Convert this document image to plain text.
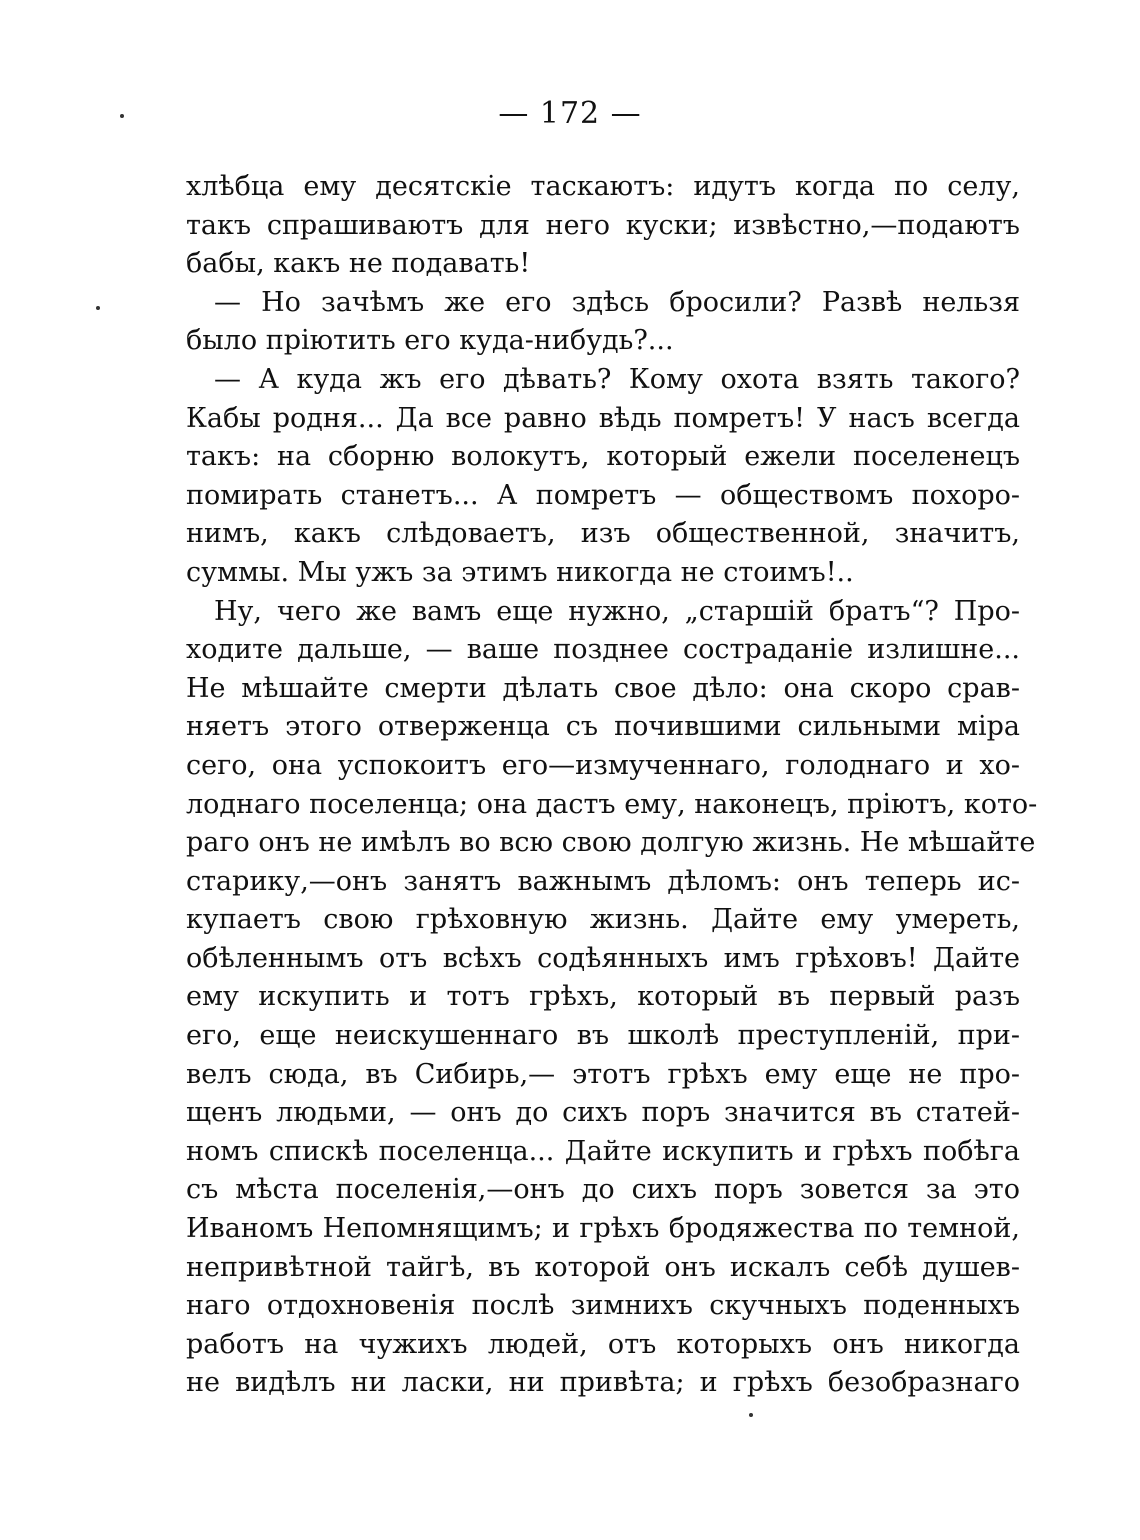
— 172 —
хлѣбца ему десятскіе таскаютъ: идутъ когда по селу,
такъ спрашиваютъ для него куски; извѣстно,—подаютъ
бабы, какъ не подавать!
— Но зачѣмъ же его здѣсь бросили? Развѣ нельзя
было пріютить его куда-нибудь?...
— А куда жъ его дѣвать? Кому охота взять такого?
Кабы родня... Да все равно вѣдь помретъ! У насъ всегда
такъ: на сборню волокутъ, который ежели поселенецъ
помирать станетъ... А помретъ — обществомъ похоро-
нимъ, какъ слѣдоваетъ, изъ общественной, значитъ,
суммы. Мы ужъ за этимъ никогда не стоимъ!..
Ну, чего же вамъ еще нужно, „старшій братъ“? Про-
ходите дальше, — ваше позднее состраданіе излишне...
Не мѣшайте смерти дѣлать свое дѣло: она скоро срав-
няетъ этого отверженца съ почившими сильными міра
сего, она успокоитъ его—измученнаго, голоднаго и хо-
лоднаго поселенца; она дастъ ему, наконецъ, пріютъ, кото-
раго онъ не имѣлъ во всю свою долгую жизнь. Не мѣшайте
старику,—онъ занятъ важнымъ дѣломъ: онъ теперь ис-
купаетъ свою грѣховную жизнь. Дайте ему умереть,
обѣленнымъ отъ всѣхъ содѣянныхъ имъ грѣховъ! Дайте
ему искупить и тотъ грѣхъ, который въ первый разъ
его, еще неискушеннаго въ школѣ преступленій, при-
велъ сюда, въ Сибирь,— этотъ грѣхъ ему еще не про-
щенъ людьми, — онъ до сихъ поръ значится въ статей-
номъ спискѣ поселенца... Дайте искупить и грѣхъ побѣга
съ мѣста поселенія,—онъ до сихъ поръ зовется за это
Иваномъ Непомнящимъ; и грѣхъ бродяжества по темной,
непривѣтной тайгѣ, въ которой онъ искалъ себѣ душев-
наго отдохновенія послѣ зимнихъ скучныхъ поденныхъ
работъ на чужихъ людей, отъ которыхъ онъ никогда
не видѣлъ ни ласки, ни привѣта; и грѣхъ безобразнаго
